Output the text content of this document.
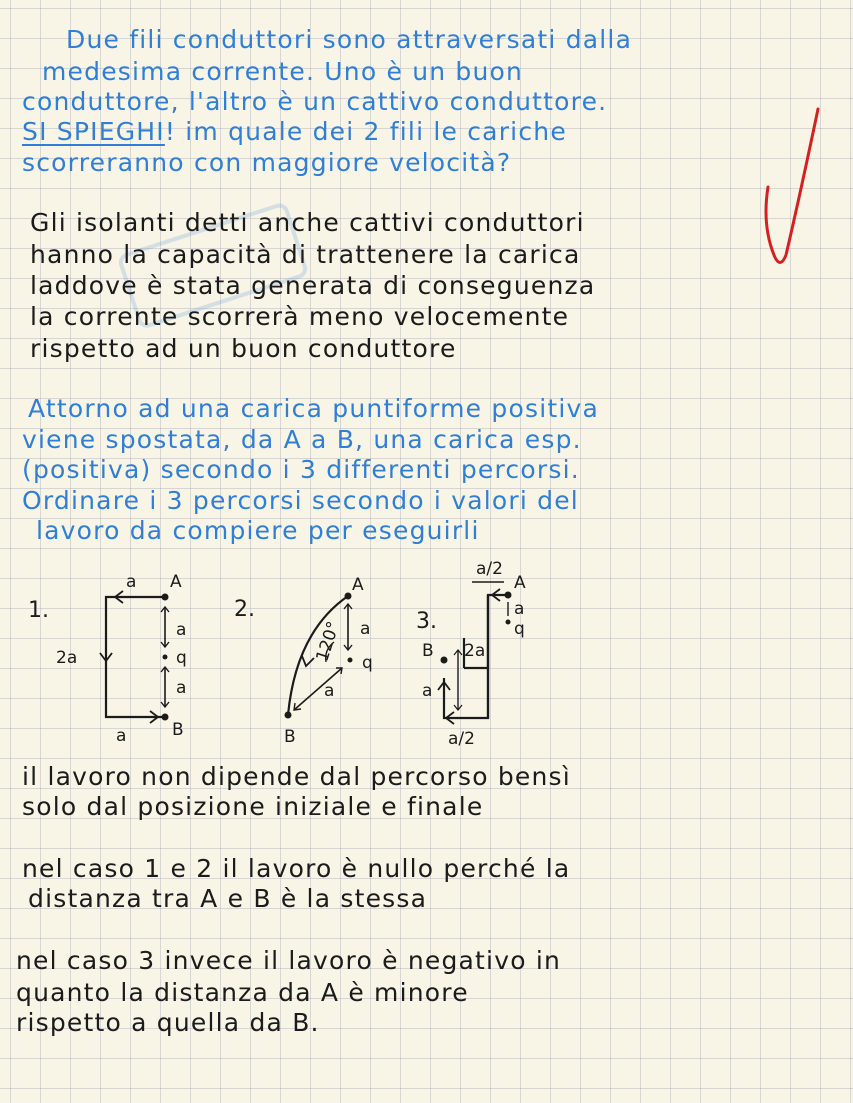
Due fili conduttori sono attraversati dalla
medesima corrente. Uno è un buon
conduttore, l'altro è un cattivo conduttore.
SI SPIEGHI! im quale dei 2 fili le cariche
scorreranno con maggiore velocità?
Gli isolanti detti anche cattivi conduttori
hanno la capacità di trattenere la carica
laddove è stata generata di conseguenza
la corrente scorrerà meno velocemente
rispetto ad un buon conduttore
Attorno ad una carica puntiforme positiva
viene spostata, da A a B, una carica esp.
(positiva) secondo i 3 differenti percorsi.
Ordinare i 3 percorsi secondo i valori del
lavoro da compiere per eseguirli
1.
a A
2a
a
q
a
B
a
2.
A
a
q
120°
a
B
3.
a/2
A
a
q
B 2a
a
a/2
il lavoro non dipende dal percorso bensì
solo dal posizione iniziale e finale
nel caso 1 e 2 il lavoro è nullo perché la
distanza tra A e B è la stessa
nel caso 3 invece il lavoro è negativo in
quanto la distanza da A è minore
rispetto a quella da B.
